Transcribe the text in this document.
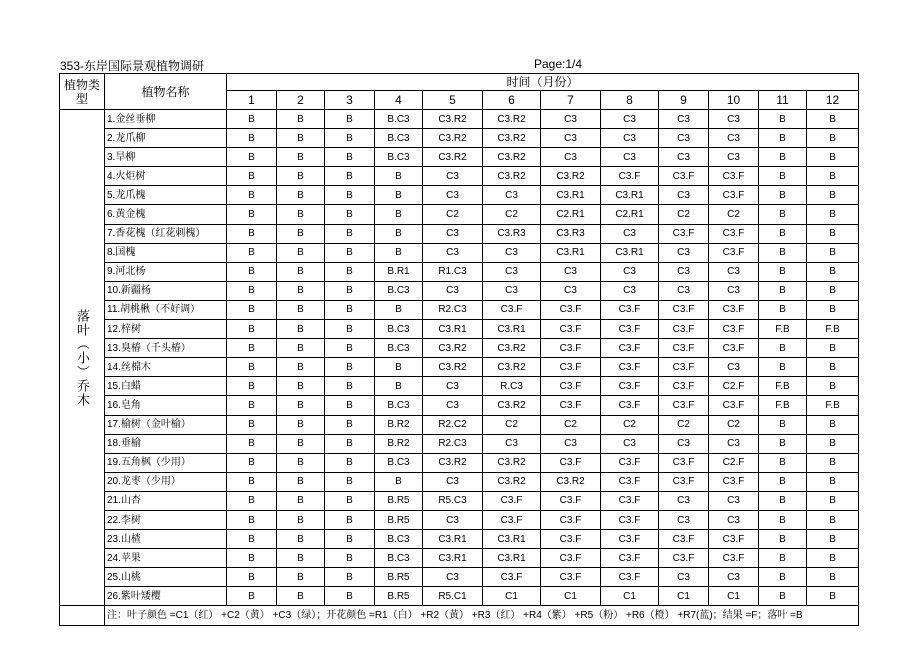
353-东岸国际景观植物调研	Page:1/4
植物类型	植物名称	时间（月份）											
		1	2	3	4	5	6	7	8	9	10	11	12

落叶（小）乔木	1.金丝垂柳	B	B	B	B.C3	C3.R2	C3.R2	C3	C3	C3	C3	B	B
	2.龙爪柳	B	B	B	B.C3	C3.R2	C3.R2	C3	C3	C3	C3	B	B
	3.旱柳	B	B	B	B.C3	C3.R2	C3.R2	C3	C3	C3	C3	B	B
	4.火炬树	B	B	B	B	C3	C3.R2	C3.R2	C3.F	C3.F	C3.F	B	B
	5.龙爪槐	B	B	B	B	C3	C3	C3.R1	C3.R1	C3	C3.F	B	B
	6.黄金槐	B	B	B	B	C2	C2	C2.R1	C2.R1	C2	C2	B	B
	7.香花槐（红花刺槐）	B	B	B	B	C3	C3.R3	C3.R3	C3	C3.F	C3.F	B	B
	8.国槐	B	B	B	B	C3	C3	C3.R1	C3.R1	C3	C3.F	B	B
	9.河北杨	B	B	B	B.R1	R1.C3	C3	C3	C3	C3	C3	B	B
	10.新疆杨	B	B	B	B.C3	C3	C3	C3	C3	C3	C3	B	B
	11.胡桃楸（不好调）	B	B	B	B	R2.C3	C3.F	C3.F	C3.F	C3.F	C3.F	B	B
	12.梓树	B	B	B	B.C3	C3.R1	C3.R1	C3.F	C3.F	C3.F	C3.F	F.B	F.B
	13.臭椿（千头椿）	B	B	B	B.C3	C3.R2	C3.R2	C3.F	C3.F	C3.F	C3.F	B	B
	14.丝棉木	B	B	B	B	C3.R2	C3.R2	C3.F	C3.F	C3.F	C3	B	B
	15.白蜡	B	B	B	B	C3	R.C3	C3.F	C3.F	C3.F	C2.F	F.B	B
	16.皂角	B	B	B	B.C3	C3	C3.R2	C3.F	C3.F	C3.F	C3.F	F.B	F.B
	17.榆树（金叶榆）	B	B	B	B.R2	R2.C2	C2	C2	C2	C2	C2	B	B
	18.垂榆	B	B	B	B.R2	R2.C3	C3	C3	C3	C3	C3	B	B
	19.五角枫（少用）	B	B	B	B.C3	C3.R2	C3.R2	C3.F	C3.F	C3.F	C2.F	B	B
	20.龙枣（少用）	B	B	B	B	C3	C3.R2	C3.R2	C3.F	C3.F	C3.F	B	B
	21.山杏	B	B	B	B.R5	R5.C3	C3.F	C3.F	C3.F	C3	C3	B	B
	22.李树	B	B	B	B.R5	C3	C3.F	C3.F	C3.F	C3	C3	B	B
	23.山楂	B	B	B	B.C3	C3.R1	C3.R1	C3.F	C3.F	C3.F	C3.F	B	B
	24.苹果	B	B	B	B.C3	C3.R1	C3.R1	C3.F	C3.F	C3.F	C3.F	B	B
	25.山桃	B	B	B	B.R5	C3	C3.F	C3.F	C3.F	C3	C3	B	B
	26.紫叶矮樱	B	B	B	B.R5	R5.C1	C1	C1	C1	C1	C1	B	B
	注：叶子颜色 =C1（红） +C2（黄） +C3（绿）；开花颜色 =R1（白） +R2（黄） +R3（红） +R4（紫） +R5（粉） +R6（橙） +R7(蓝)；结果 =F；落叶 =B												
